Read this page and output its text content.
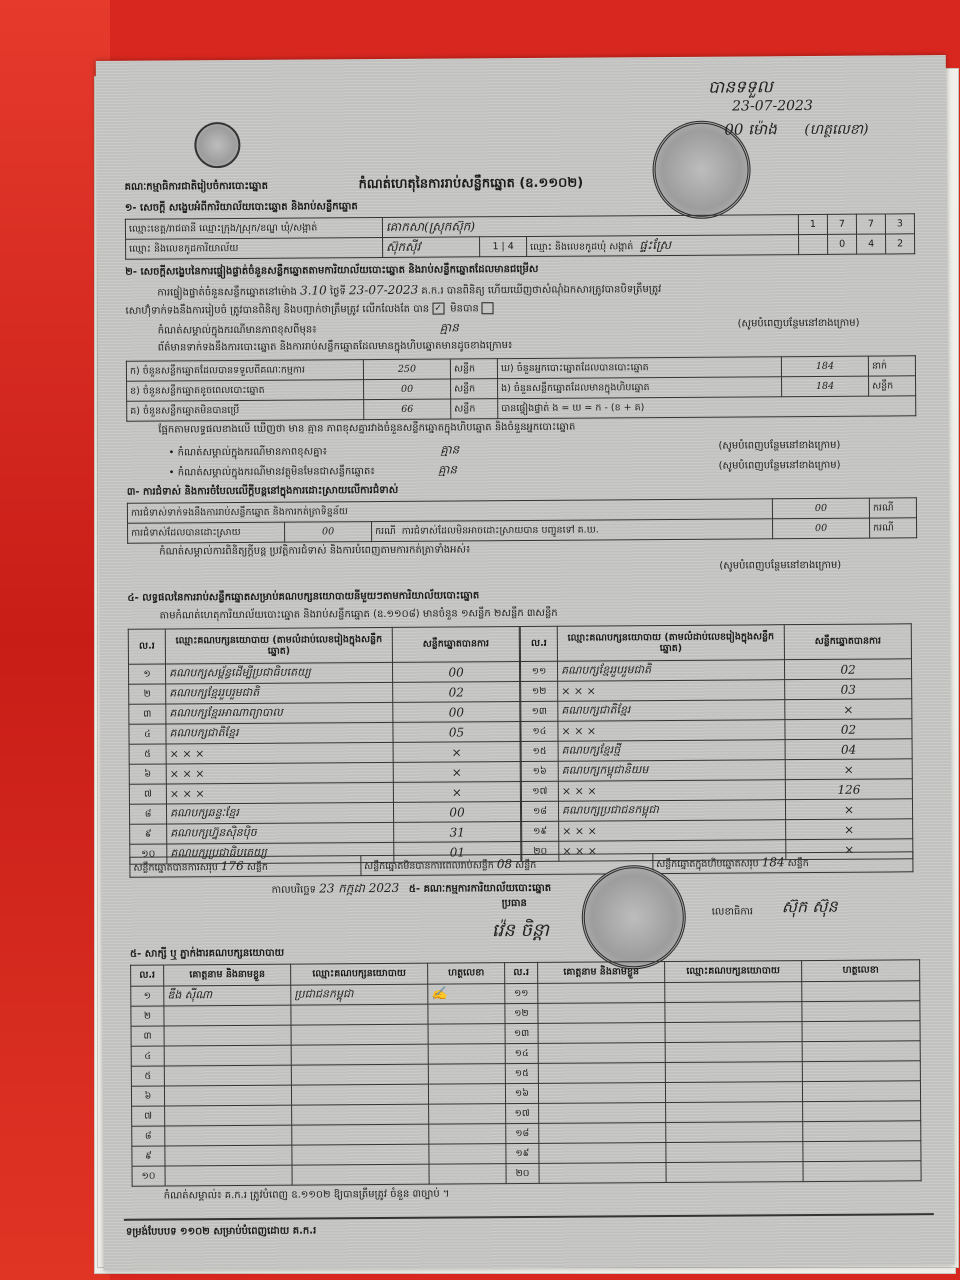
គណៈកម្មាធិការជាតិរៀបចំការបោះឆ្នោត	កំណត់ហេតុនៃការរាប់សន្លឹកឆ្នោត (ឧ.១១០២)
បានទទួល
23-07-2023
00 ម៉ោង (ហត្ថលេខា)
១- សេចក្តី សង្ខេបអំពីការិយាល័យបោះឆ្នោត និងរាប់សន្លឹកឆ្នោត
ឈ្មោះខេត្ត/រាជធានី ឈ្មោះក្រុង/ស្រុក/ខណ្ឌ ឃុំ/សង្កាត់	គោកសា(ស្រុកស៊ុក)			1	7	7	3
ឈ្មោះ និងលេខកូដការិយាល័យ	ស៊ុកស៊ីវ	1 | 4	ឈ្មោះ និងលេខកូដឃុំ សង្កាត់ ផ្ទះស្រែ		0	4	2
២- សេចក្តីសង្ខេបនៃការផ្ទៀងផ្ទាត់ចំនួនសន្លឹកឆ្នោតតាមការិយាល័យបោះឆ្នោត និងរាប់សន្លឹកឆ្នោតដែលមានជម្រើស
ការផ្ទៀងផ្ទាត់ចំនួនសន្លឹកឆ្នោតនៅម៉ោង 3.10 ថ្ងៃទី 23-07-2023 គ.ក.រ បានពិនិត្យ ហើយឃើញថាសំណុំឯកសារត្រូវបានបិទត្រឹមត្រូវ
សោហ៊ុំទាក់ទងនឹងការរៀបចំ ត្រូវបានពិនិត្យ និងបញ្ជាក់ថាត្រឹមត្រូវ លើកលែងតែ បាន ✓ មិនបាន
កំណត់សម្គាល់ក្នុងករណីមានភាពខុសពីមុន៖	គ្មាន	(សូមបំពេញបន្ថែមនៅខាងក្រោម)
ព័ត៌មានទាក់ទងនឹងការបោះឆ្នោត និងការរាប់សន្លឹកឆ្នោតដែលមានក្នុងហិបឆ្នោតមានដូចខាងក្រោម៖
ក) ចំនួនសន្លឹកឆ្នោតដែលបានទទួលពីគណៈកម្មការ	250	សន្លឹក	ឃ) ចំនួនអ្នកបោះឆ្នោតដែលបានបោះឆ្នោត	184	នាក់
ខ) ចំនួនសន្លឹកឆ្នោតខូចពេលបោះឆ្នោត	00	សន្លឹក	ង) ចំនួនសន្លឹកឆ្នោតដែលមានក្នុងហិបឆ្នោត	184	សន្លឹក
គ) ចំនួនសន្លឹកឆ្នោតមិនបានប្រើ	66	សន្លឹក	បានផ្ទៀងផ្ទាត់ ង = ឃ = ក - (ខ + គ)		
ផ្អែកតាមលទ្ធផលខាងលើ ឃើញថា មាន គ្មាន ភាពខុសគ្នារវាងចំនួនសន្លឹកឆ្នោតក្នុងហិបឆ្នោត និងចំនួនអ្នកបោះឆ្នោត
• កំណត់សម្គាល់ក្នុងករណីមានភាពខុសគ្នា៖	គ្មាន	(សូមបំពេញបន្ថែមនៅខាងក្រោម)
• កំណត់សម្គាល់ក្នុងករណីមានវត្ថុមិនមែនជាសន្លឹកឆ្នោត៖	គ្មាន	(សូមបំពេញបន្ថែមនៅខាងក្រោម)
៣- ការជំទាស់ និងការចំបែលលើក្តីបន្តនៅក្នុងការដោះស្រាយលើការជំទាស់
ការជំទាស់ទាក់ទងនឹងការរាប់សន្លឹកឆ្នោត និងការកត់ត្រាទិន្នន័យ			00	ករណី
ការជំទាស់ដែលបានដោះស្រាយ	00	ករណី ការជំទាស់ដែលមិនអាចដោះស្រាយបាន បញ្ជូនទៅ គ.ឃ.	00	ករណី
កំណត់សម្គាល់ការពិនិត្យក្តីបន្ត ប្រវត្តិការជំទាស់ និងការបំពេញតាមការកត់ត្រាទាំងអស់៖
(សូមបំពេញបន្ថែមនៅខាងក្រោម)
៤- លទ្ធផលនៃការរាប់សន្លឹកឆ្នោតសម្រាប់គណបក្សនយោបាយនីមួយៗតាមការិយាល័យបោះឆ្នោត
តាមកំណត់ហេតុការិយាល័យបោះឆ្នោត និងរាប់សន្លឹកឆ្នោត (ឧ.១១០៨) មានចំនួន ១សន្លឹក ២សន្លឹក ៣សន្លឹក
ល.រ	ឈ្មោះគណបក្សនយោបាយ (តាមលំដាប់លេខរៀងក្នុងសន្លឹកឆ្នោត)	សន្លឹកឆ្នោតបានការ
១	គណបក្សសម្ព័ន្ធដើម្បីប្រជាធិបតេយ្យ	00
២	គណបក្សខ្មែររួបរួមជាតិ	02
៣	គណបក្សខ្មែរអាណាព្យាបាល	00
៤	គណបក្សជាតិខ្មែរ	05
៥	× × ×	×
៦	× × ×	×
៧	× × ×	×
៨	គណបក្សឆន្ទៈខ្មែរ	00
៩	គណបក្សហ្វ៊ុនស៊ិនប៉ិច	31
១០	គណបក្សប្រជាធិបតេយ្យ	01
ល.រ	ឈ្មោះគណបក្សនយោបាយ (តាមលំដាប់លេខរៀងក្នុងសន្លឹកឆ្នោត)	សន្លឹកឆ្នោតបានការ
១១	គណបក្សខ្មែររួបរួមជាតិ	02
១២	× × ×	03
១៣	គណបក្សជាតិខ្មែរ	×
១៤	× × ×	02
១៥	គណបក្សខ្មែរថ្មី	04
១៦	គណបក្សកម្ពុជានិយម	×
១៧	× × ×	126
១៨	គណបក្សប្រជាជនកម្ពុជា	×
១៩	× × ×	×
២០	× × ×	×
សន្លឹកឆ្នោតបានការសរុប 176 សន្លឹក	សន្លឹកឆ្នោតមិនបានការពេលរាប់សន្លឹក 08 សន្លឹក	សន្លឹកឆ្នោតក្នុងហិបឆ្នោតសរុប 184 សន្លឹក
កាលបរិច្ឆេទ 23 កក្កដា 2023 ៥- គណៈកម្មការការិយាល័យបោះឆ្នោត
ប្រធាន
វ៉េន ចិន្តា
លេខាធិការ ស៊ុក ស៊ុន
៥- សាក្សី ឬ ភ្នាក់ងារគណបក្សនយោបាយ
ល.រ	គោត្តនាម និងនាមខ្លួន	ឈ្មោះគណបក្សនយោបាយ	ហត្ថលេខា	ល.រ	គោត្តនាម និងនាមខ្លួន	ឈ្មោះគណបក្សនយោបាយ	ហត្ថលេខា
១	ឌឹង ស៊ីណា	ប្រជាជនកម្ពុជា	✍	១១			
២				១២			
៣				១៣			
៤				១៤			
៥				១៥			
៦				១៦			
៧				១៧			
៨				១៨			
៩				១៩			
១០				២០			
កំណត់សម្គាល់៖ គ.ក.រ ត្រូវបំពេញ ឧ.១១០២ ឱ្យបានត្រឹមត្រូវ ចំនួន ៣ច្បាប់ ។
ទម្រង់បែបបទ ១១០២ សម្រាប់បំពេញដោយ គ.ក.រ
